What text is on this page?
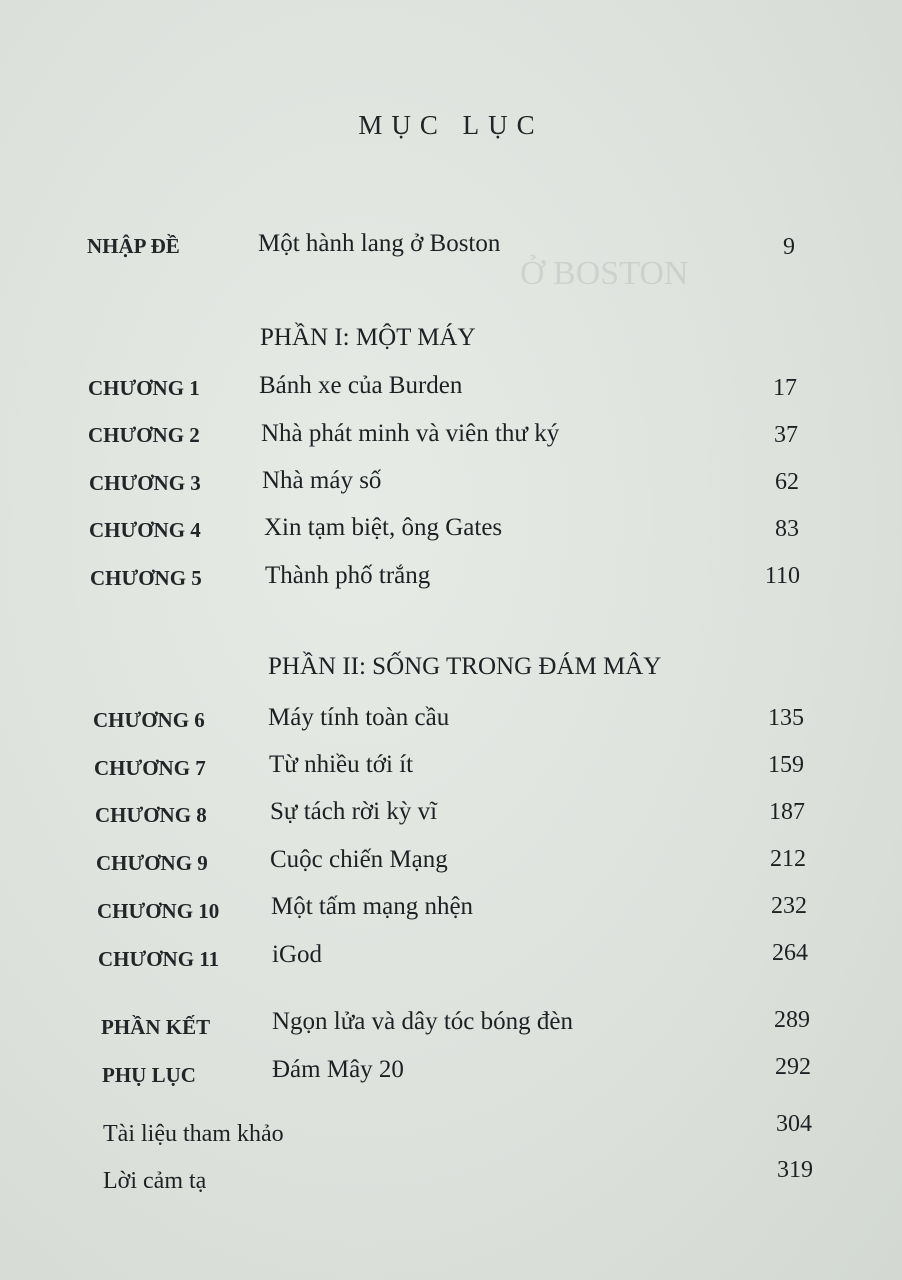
Ở BOSTON
MỤC LỤC
NHẬP ĐỀ	Một hành lang ở Boston	9
PHẦN I: MỘT MÁY
CHƯƠNG 1 Bánh xe của Burden	17
CHƯƠNG 2 Nhà phát minh và viên thư ký	37
CHƯƠNG 3 Nhà máy số	62
CHƯƠNG 4	Xin tạm biệt, ông Gates	83
CHƯƠNG 5	Thành phố trắng	110
PHẦN II: SỐNG TRONG ĐÁM MÂY
CHƯƠNG 6	Máy tính toàn cầu	135
CHƯƠNG 7	Từ nhiều tới ít	159
CHƯƠNG 8	Sự tách rời kỳ vĩ	187
CHƯƠNG 9 Cuộc chiến Mạng	212
CHƯƠNG 10 Một tấm mạng nhện	232
CHƯƠNG 11 iGod	264
PHẦN KẾT Ngọn lửa và dây tóc bóng đèn	289
PHỤ LỤC	Đám Mây 20	292
Tài liệu tham khảo	304
Lời cảm tạ	319
